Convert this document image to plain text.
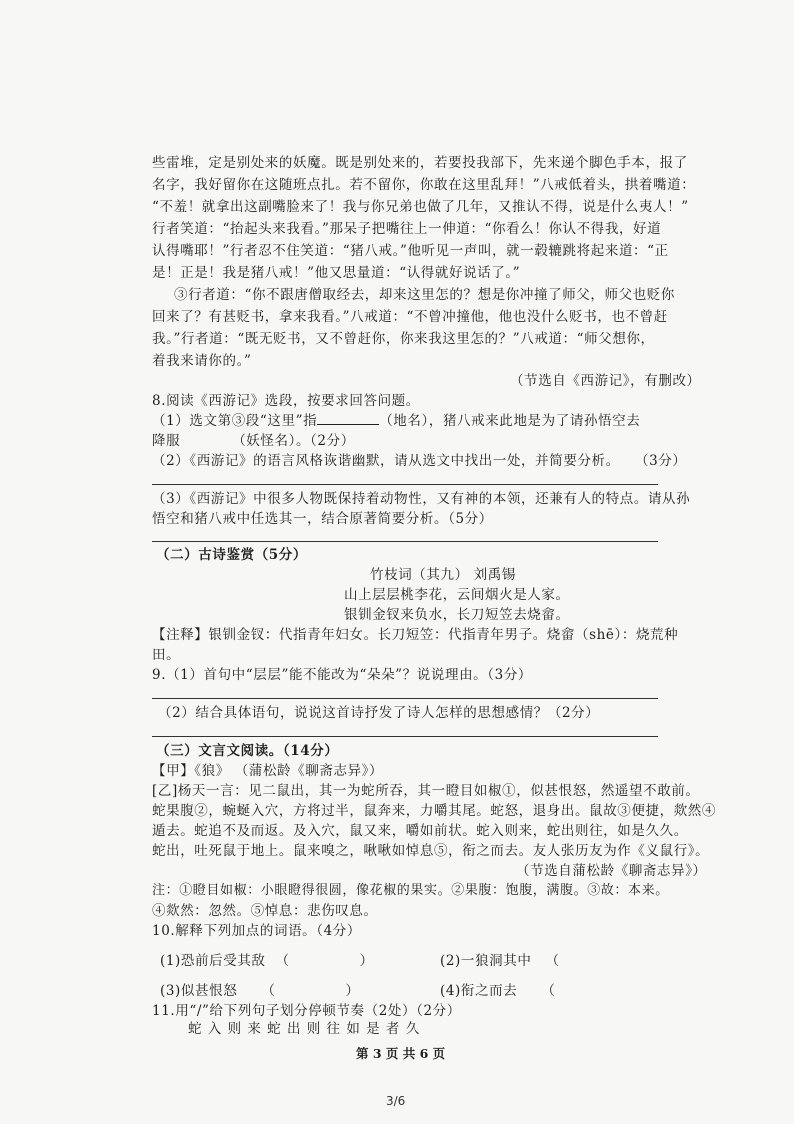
些雷堆，定是别处来的妖魔。既是别处来的，若要投我部下，先来递个脚色手本，报了
名字，我好留你在这随班点扎。若不留你，你敢在这里乱拜！”八戒低着头，拱着嘴道：
“不羞！就拿出这副嘴脸来了！我与你兄弟也做了几年，又推认不得，说是什么夷人！”
行者笑道：“抬起头来我看。”那呆子把嘴往上一伸道：“你看么！你认不得我，好道
认得嘴耶！”行者忍不住笑道：“猪八戒。”他听见一声叫，就一毂辘跳将起来道：“正
是！正是！我是猪八戒！”他又思量道：“认得就好说话了。”
③行者道：“你不跟唐僧取经去，却来这里怎的？想是你冲撞了师父，师父也贬你
回来了？有甚贬书，拿来我看。”八戒道：“不曾冲撞他，他也没什么贬书，也不曾赶
我。”行者道：“既无贬书，又不曾赶你，你来我这里怎的？”八戒道：“师父想你，
着我来请你的。”
（节选自《西游记》，有删改）
8.阅读《西游记》选段，按要求回答问题。
（1）选文第③段“这里”指	（地名），猪八戒来此地是为了请孙悟空去
降服	（妖怪名）。（2分）
（2）《西游记》的语言风格诙谐幽默，请从选文中找出一处，并简要分析。 （3分）
（3）《西游记》中很多人物既保持着动物性，又有神的本领，还兼有人的特点。请从孙
悟空和猪八戒中任选其一，结合原著简要分析。（5分）
（二）古诗鉴赏（5分）
竹枝词（其九） 刘禹锡
山上层层桃李花，云间烟火是人家。
银钏金钗来负水，长刀短笠去烧畲。
【注释】银钏金钗：代指青年妇女。长刀短笠：代指青年男子。烧畲（shē）：烧荒种
田。
9.（1）首句中“层层”能不能改为“朵朵”？说说理由。（3分）
（2）结合具体语句，说说这首诗抒发了诗人怎样的思想感情？（2分）
（三）文言文阅读。（14分）
【甲】《狼》 （蒲松龄《聊斋志异》）
[乙]杨天一言：见二鼠出，其一为蛇所吞，其一瞪目如椒①，似甚恨怒，然遥望不敢前。
蛇果腹②，蜿蜒入穴，方将过半，鼠奔来，力嚼其尾。蛇怒，退身出。鼠故③便捷，欻然④
遁去。蛇追不及而返。及入穴，鼠又来，嚼如前状。蛇入则来，蛇出则往，如是久久。
蛇出，吐死鼠于地上。鼠来嗅之，啾啾如悼息⑤，衔之而去。友人张历友为作《义鼠行》。
（节选自蒲松龄《聊斋志异》）
注：①瞪目如椒：小眼瞪得很圆，像花椒的果实。②果腹：饱腹，满腹。③故：本来。
④欻然：忽然。⑤悼息：悲伤叹息。
10.解释下列加点的词语。（4分）
(1)恐前后受其敌 （	）	(2)一狼洞其中 （
(3)似甚恨怒 （	）	(4)衔之而去 （
11.用“/”给下列句子划分停顿节奏（2处）（2分）
蛇 入 则 来 蛇 出 则 往 如 是 者 久
第 3 页 共 6 页
3/6
